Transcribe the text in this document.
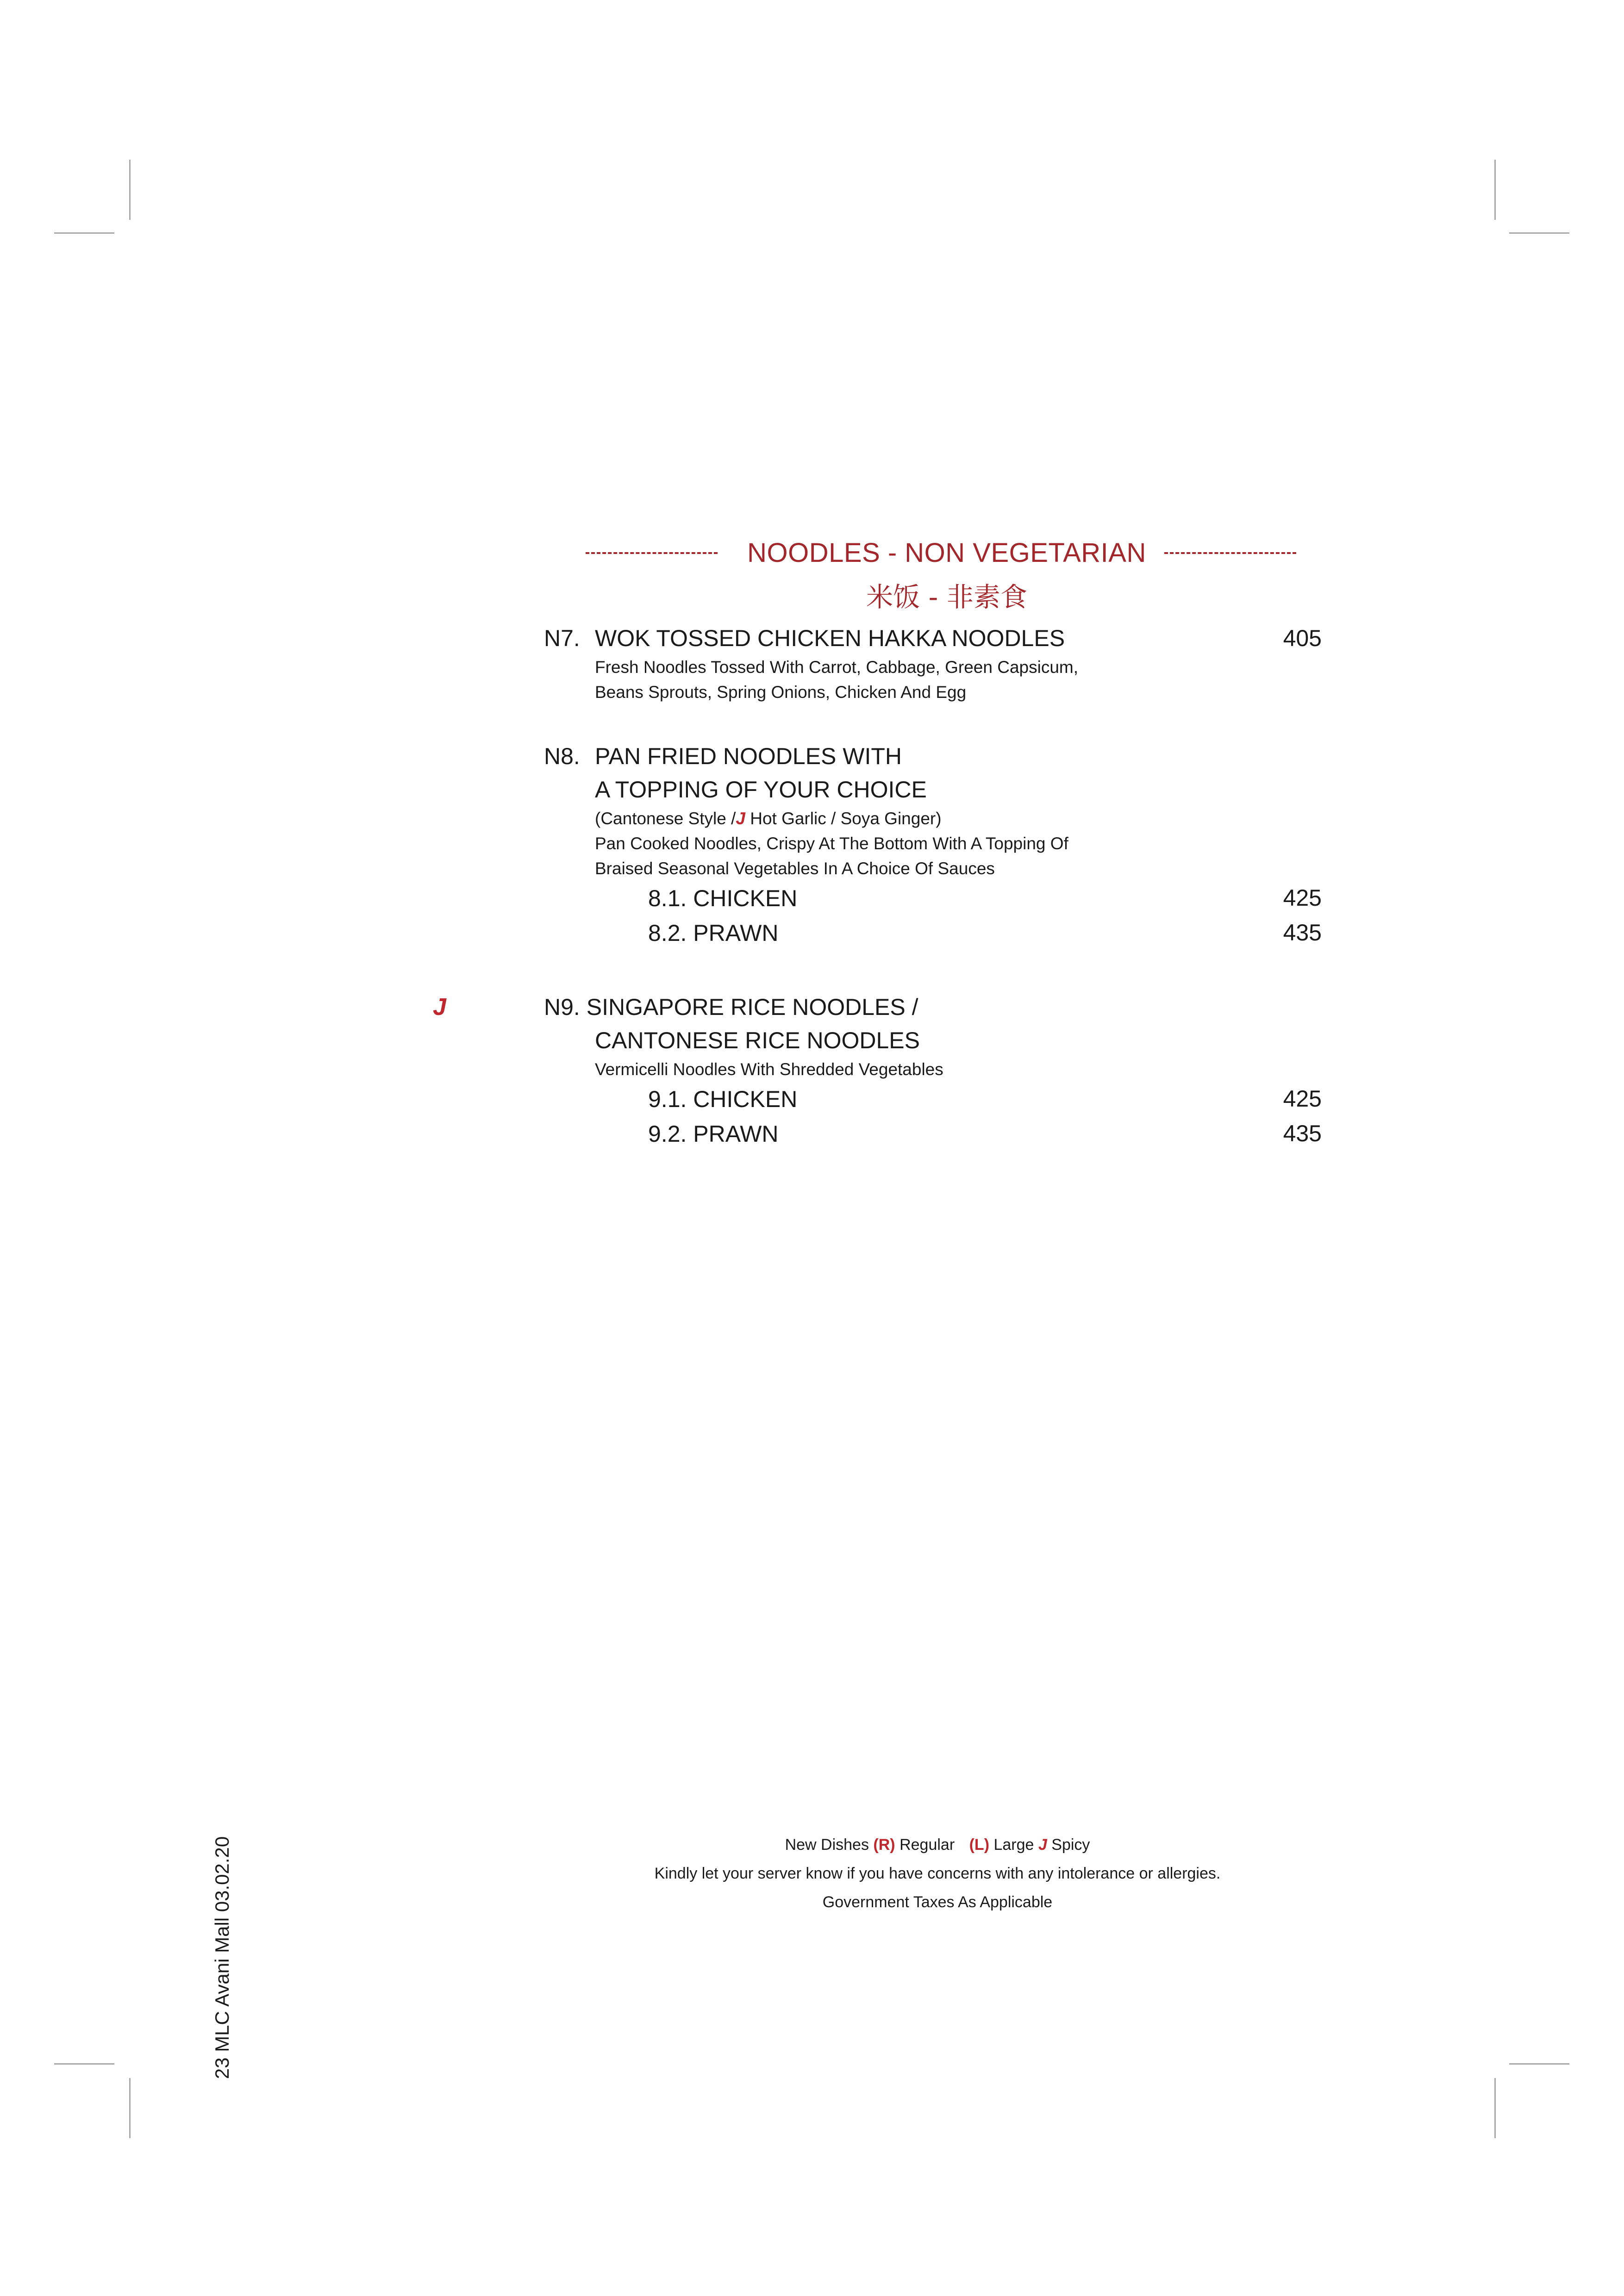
NOODLES - NON VEGETARIAN
米饭 - 非素食
N7. WOK TOSSED CHICKEN HAKKA NOODLES	405
Fresh Noodles Tossed With Carrot, Cabbage, Green Capsicum,
Beans Sprouts, Spring Onions, Chicken And Egg
N8. PAN FRIED NOODLES WITH
A TOPPING OF YOUR CHOICE
(Cantonese Style /J Hot Garlic / Soya Ginger)
Pan Cooked Noodles, Crispy At The Bottom With A Topping Of
Braised Seasonal Vegetables In A Choice Of Sauces
8.1. CHICKEN	425
8.2. PRAWN	435
J	N9. SINGAPORE RICE NOODLES /
CANTONESE RICE NOODLES
Vermicelli Noodles With Shredded Vegetables
9.1. CHICKEN	425
9.2. PRAWN	435
23 MLC Avani Mall 03.02.20	New Dishes (R) Regular (L) Large J Spicy
Kindly let your server know if you have concerns with any intolerance or allergies.
Government Taxes As Applicable
